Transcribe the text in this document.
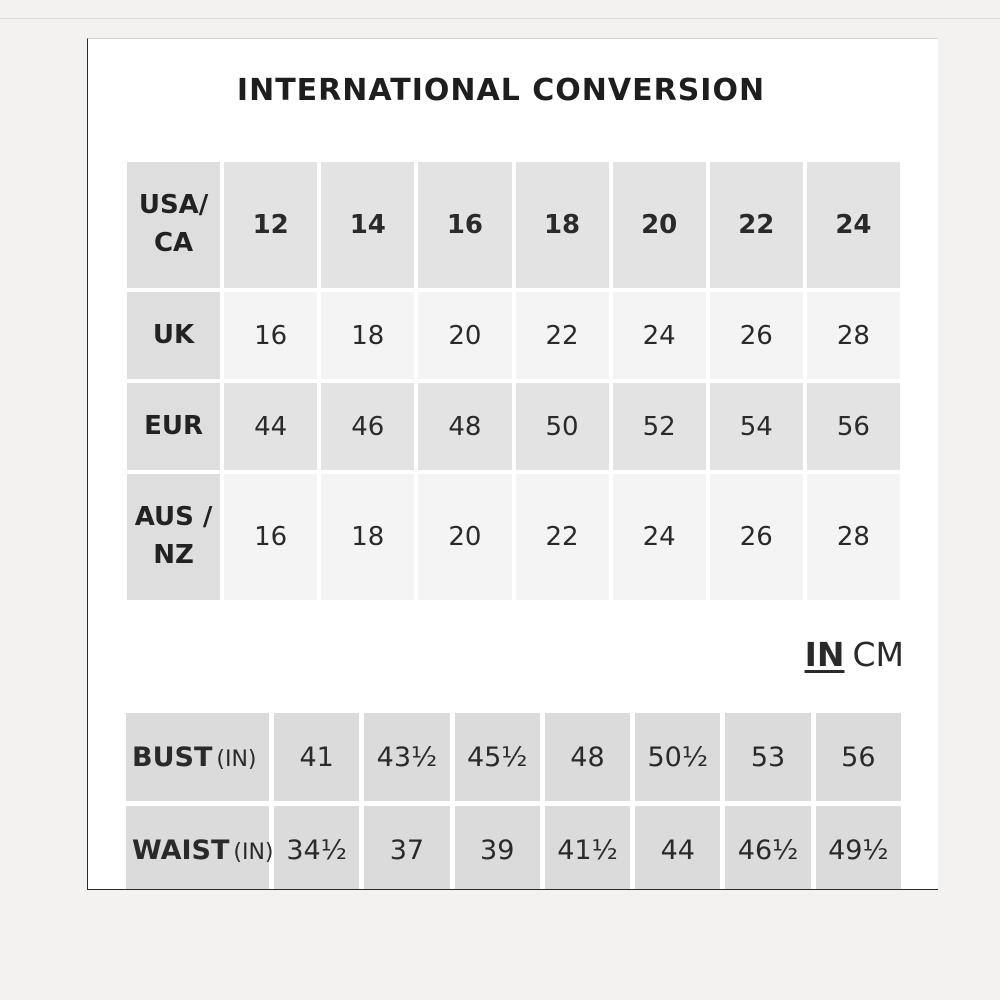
INTERNATIONAL CONVERSION
USA/
CA	12	14	16	18	20	22	24
UK	16	18	20	22	24	26	28
EUR	44	46	48	50	52	54	56
AUS /
NZ	16	18	20	22	24	26	28
IN CM
BUST (IN)	41	43½	45½	48	50½	53	56
WAIST (IN)	34½	37	39	41½	44	46½	49½
